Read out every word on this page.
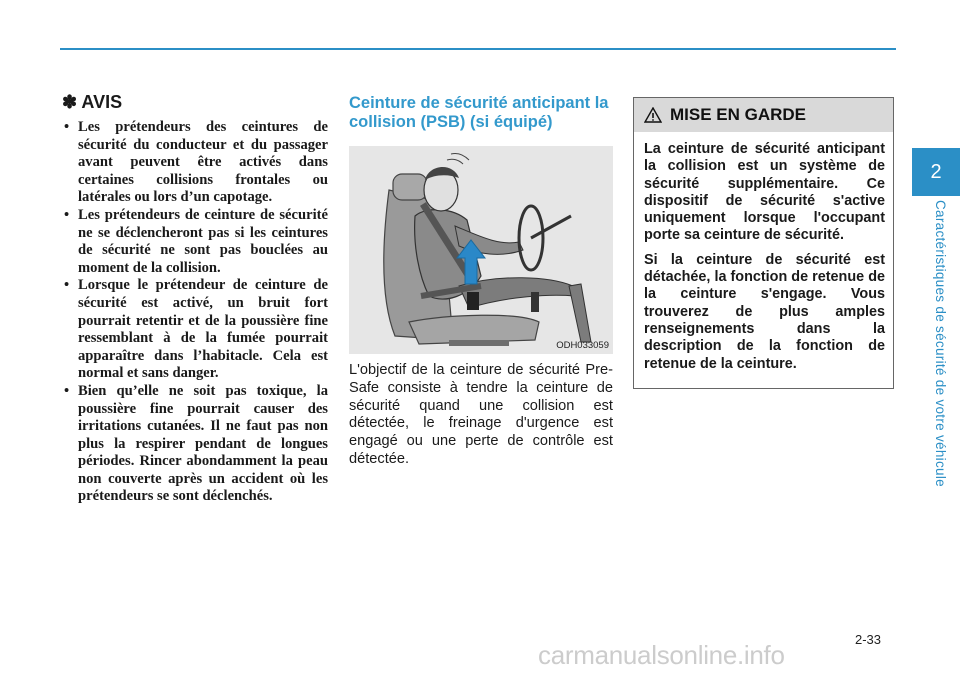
✽ AVIS
• Les prétendeurs des ceintures de sécurité du conducteur et du passager avant peuvent être activés dans certaines collisions frontales ou latérales ou lors d’un capotage.
• Les prétendeurs de ceinture de sécurité ne se déclencheront pas si les ceintures de sécurité ne sont pas bouclées au moment de la collision.
• Lorsque le prétendeur de ceinture de sécurité est activé, un bruit fort pourrait retentir et de la poussière fine ressemblant à de la fumée pourrait apparaître dans l’habitacle. Cela est normal et sans danger.
• Bien qu’elle ne soit pas toxique, la poussière fine pourrait causer des irritations cutanées. Il ne faut pas non plus la respirer pendant de longues périodes. Rincer abondamment la peau non couverte après un accident où les prétendeurs se sont déclenchés.
Ceinture de sécurité anticipant la collision (PSB) (si équipé)
ODH033059

L'objectif de la ceinture de sécurité Pre-Safe consiste à tendre la ceinture de sécurité quand une collision est détectée, le freinage d'urgence est engagé ou une perte de contrôle est détectée.

MISE EN GARDE

La ceinture de sécurité anticipant la collision est un système de sécurité supplémentaire. Ce dispositif de sécurité s'active uniquement lorsque l'occupant porte sa ceinture de sécurité.

Si la ceinture de sécurité est détachée, la fonction de retenue de la ceinture s'engage. Vous trouverez de plus amples renseignements dans la description de la fonction de retenue de la ceinture.

2
Caractéristiques de sécurité de votre véhicule
2-33
carmanualsonline.info
